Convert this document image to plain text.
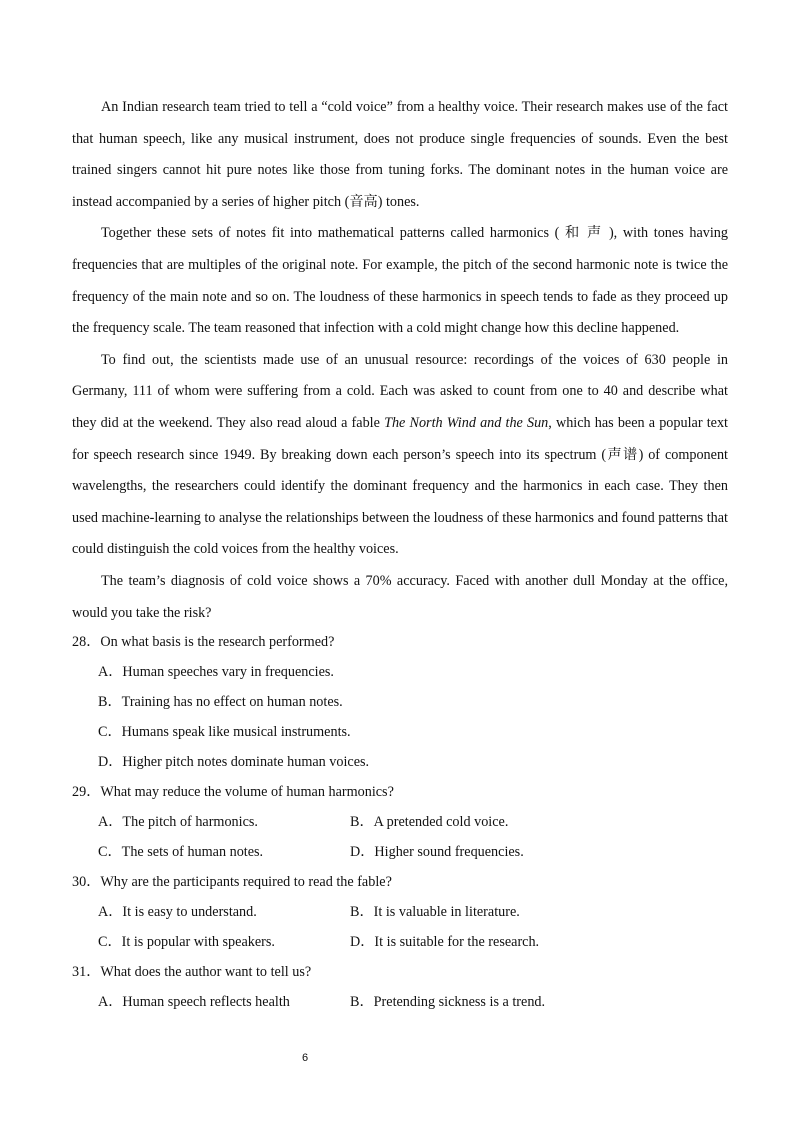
An Indian research team tried to tell a “cold voice” from a healthy voice. Their research makes use of the fact that human speech, like any musical instrument, does not produce single frequencies of sounds. Even the best trained singers cannot hit pure notes like those from tuning forks. The dominant notes in the human voice are instead accompanied by a series of higher pitch (音高) tones.

Together these sets of notes fit into mathematical patterns called harmonics ( 和 声 ), with tones having frequencies that are multiples of the original note. For example, the pitch of the second harmonic note is twice the frequency of the main note and so on. The loudness of these harmonics in speech tends to fade as they proceed up the frequency scale. The team reasoned that infection with a cold might change how this decline happened.

To find out, the scientists made use of an unusual resource: recordings of the voices of 630 people in Germany, 111 of whom were suffering from a cold. Each was asked to count from one to 40 and describe what they did at the weekend. They also read aloud a fable The North Wind and the Sun, which has been a popular text for speech research since 1949. By breaking down each person’s speech into its spectrum (声谱) of component wavelengths, the researchers could identify the dominant frequency and the harmonics in each case. They then used machine-learning to analyse the relationships between the loudness of these harmonics and found patterns that could distinguish the cold voices from the healthy voices.

The team’s diagnosis of cold voice shows a 70% accuracy. Faced with another dull Monday at the office, would you take the risk?

28．On what basis is the research performed?

A．Human speeches vary in frequencies.

B．Training has no effect on human notes.

C．Humans speak like musical instruments.

D．Higher pitch notes dominate human voices.

29．What may reduce the volume of human harmonics?

A．The pitch of harmonics.	B．A pretended cold voice.
C．The sets of human notes.	D．Higher sound frequencies.

30．Why are the participants required to read the fable?

A．It is easy to understand.	B．It is valuable in literature.
C．It is popular with speakers.	D．It is suitable for the research.

31．What does the author want to tell us?

A．Human speech reflects health	B．Pretending sickness is a trend.
6
